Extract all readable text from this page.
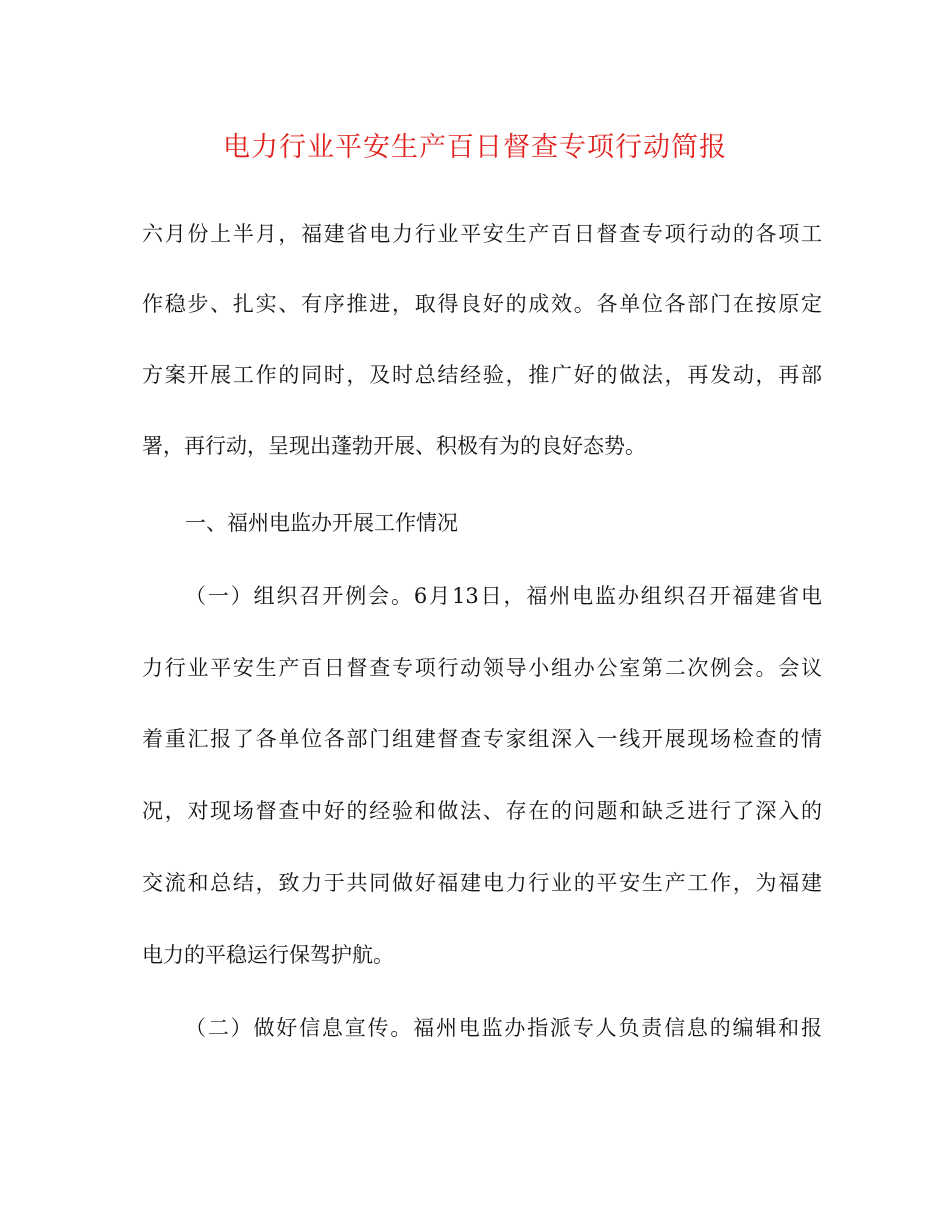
电力行业平安生产百日督查专项行动简报
六月份上半月，福建省电力行业平安生产百日督查专项行动的各项工
作稳步、扎实、有序推进，取得良好的成效。各单位各部门在按原定
方案开展工作的同时，及时总结经验，推广好的做法，再发动，再部
署，再行动，呈现出蓬勃开展、积极有为的良好态势。
一、福州电监办开展工作情况
（一）组织召开例会。6月13日，福州电监办组织召开福建省电
力行业平安生产百日督查专项行动领导小组办公室第二次例会。会议
着重汇报了各单位各部门组建督查专家组深入一线开展现场检查的情
况，对现场督查中好的经验和做法、存在的问题和缺乏进行了深入的
交流和总结，致力于共同做好福建电力行业的平安生产工作，为福建
电力的平稳运行保驾护航。
（二）做好信息宣传。福州电监办指派专人负责信息的编辑和报
